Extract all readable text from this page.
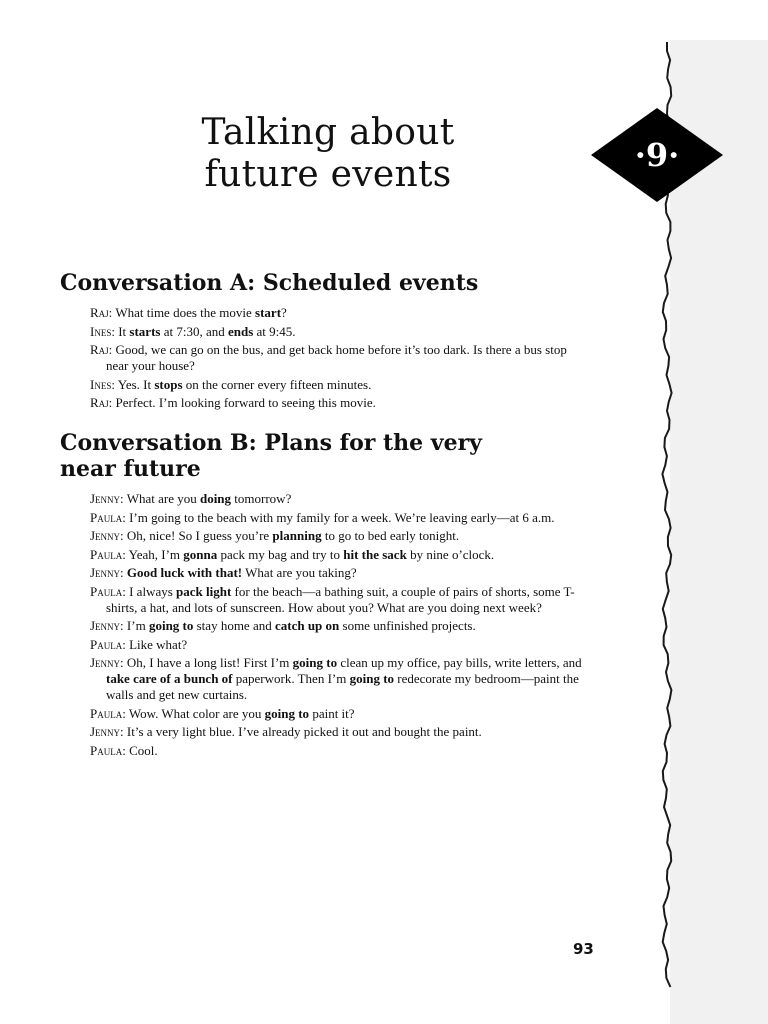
Talking about
future events	·9·
Conversation A: Scheduled events
Raj: What time does the movie start?
Ines: It starts at 7:30, and ends at 9:45.
Raj: Good, we can go on the bus, and get back home before it’s too dark. Is there a bus stop near your house?
Ines: Yes. It stops on the corner every fifteen minutes.
Raj: Perfect. I’m looking forward to seeing this movie.
Conversation B: Plans for the very
near future
Jenny: What are you doing tomorrow?
Paula: I’m going to the beach with my family for a week. We’re leaving early—at 6 a.m.
Jenny: Oh, nice! So I guess you’re planning to go to bed early tonight.
Paula: Yeah, I’m gonna pack my bag and try to hit the sack by nine o’clock.
Jenny: Good luck with that! What are you taking?
Paula: I always pack light for the beach—a bathing suit, a couple of pairs of shorts, some T-shirts, a hat, and lots of sunscreen. How about you? What are you doing next week?
Jenny: I’m going to stay home and catch up on some unfinished projects.
Paula: Like what?
Jenny: Oh, I have a long list! First I’m going to clean up my office, pay bills, write letters, and take care of a bunch of paperwork. Then I’m going to redecorate my bedroom—paint the walls and get new curtains.
Paula: Wow. What color are you going to paint it?
Jenny: It’s a very light blue. I’ve already picked it out and bought the paint.
Paula: Cool.
93
